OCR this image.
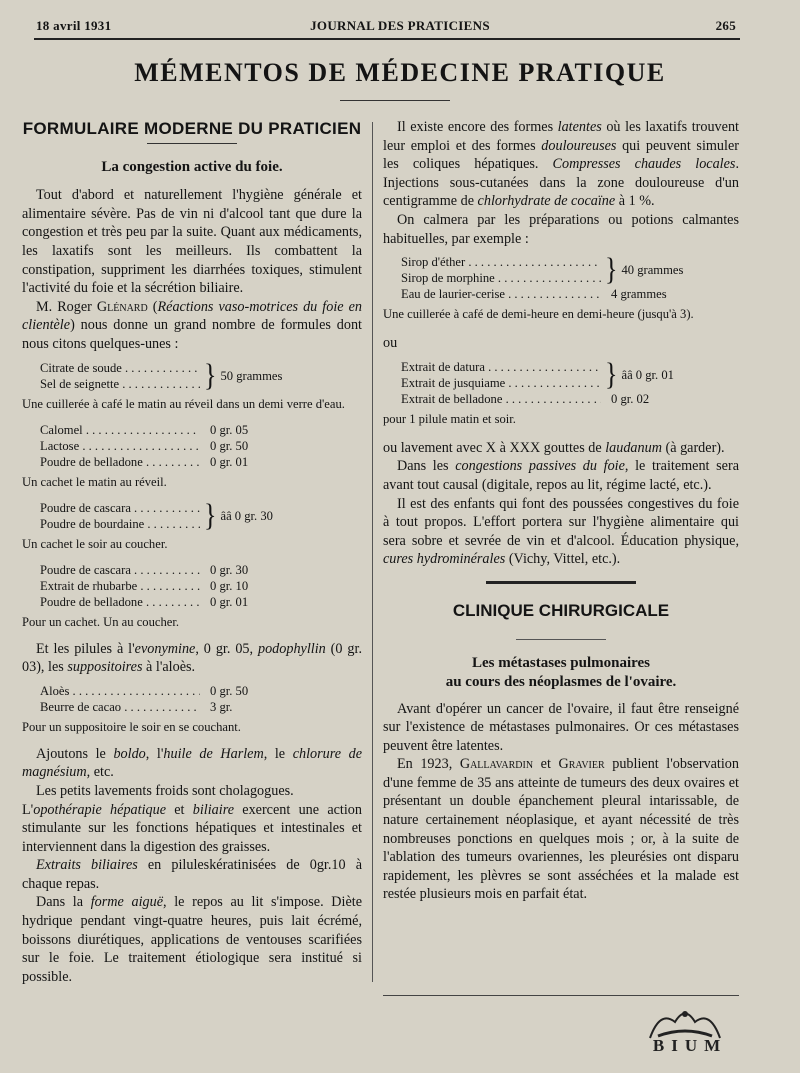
18 avril 1931	JOURNAL DES PRATICIENS	265
MÉMENTOS DE MÉDECINE PRATIQUE
FORMULAIRE MODERNE DU PRATICIEN
La congestion active du foie.

Tout d'abord et naturellement l'hygiène générale et alimentaire sévère. Pas de vin ni d'alcool tant que dure la congestion et très peu par la suite. Quant aux médicaments, les laxatifs sont les meilleurs. Ils combattent la constipation, suppriment les diarrhées toxiques, stimulent l'activité du foie et la sécrétion biliaire.

M. Roger Glénard (Réactions vaso-motrices du foie en clientèle) nous donne un grand nombre de formules dont nous citons quelques-unes :

Citrate de soude . . .
Sel de seignette . . .	} 50 grammes
Une cuillerée à café le matin au réveil dans un demi verre d'eau.
Calomel . . .	0 gr. 05
Lactose . . .	0 gr. 50
Poudre de belladone . . .	0 gr. 01
Un cachet le matin au réveil.
Poudre de cascara . . .
Poudre de bourdaine . . .	} ââ 0 gr. 30
Un cachet le soir au coucher.
Poudre de cascara . . .	0 gr. 30
Extrait de rhubarbe . . .	0 gr. 10
Poudre de belladone . . .	0 gr. 01
Pour un cachet. Un au coucher.

Et les pilules à l'evonymine, 0 gr. 05, podophyllin (0 gr. 03), les suppositoires à l'aloès.

Aloès . . .	0 gr. 50
Beurre de cacao . . .	3 gr.
Pour un suppositoire le soir en se couchant.

Ajoutons le boldo, l'huile de Harlem, le chlorure de magnésium, etc.

Les petits lavements froids sont cholagogues.

L'opothérapie hépatique et biliaire exercent une action stimulante sur les fonctions hépatiques et intestinales et interviennent dans la digestion des graisses.

Extraits biliaires en piluleskératinisées de 0gr.10 à chaque repas.

Dans la forme aiguë, le repos au lit s'impose. Diète hydrique pendant vingt-quatre heures, puis lait écrémé, boissons diurétiques, applications de ventouses scarifiées sur le foie. Le traitement étiologique sera institué si possible.

Il existe encore des formes latentes où les laxatifs trouvent leur emploi et des formes douloureuses qui peuvent simuler les coliques hépatiques. Compresses chaudes locales. Injections sous-cutanées dans la zone douloureuse d'un centigramme de chlorhydrate de cocaïne à 1 %.

On calmera par les préparations ou potions calmantes habituelles, par exemple :

Sirop d'éther . . .
Sirop de morphine . . .	} 40 grammes
Eau de laurier-cerise . . .	4 grammes
Une cuillerée à café de demi-heure en demi-heure (jusqu'à 3).
ou
Extrait de datura . . .
Extrait de jusquiame . . .	} ââ 0 gr. 01
Extrait de belladone . . .	0 gr. 02
pour 1 pilule matin et soir.

ou lavement avec X à XXX gouttes de laudanum (à garder).

Dans les congestions passives du foie, le traitement sera avant tout causal (digitale, repos au lit, régime lacté, etc.).

Il est des enfants qui font des poussées congestives du foie à tout propos. L'effort portera sur l'hygiène alimentaire qui sera sobre et sevrée de vin et d'alcool. Éducation physique, cures hydrominérales (Vichy, Vittel, etc.).

CLINIQUE CHIRURGICALE
Les métastases pulmonaires
au cours des néoplasmes de l'ovaire.

Avant d'opérer un cancer de l'ovaire, il faut être renseigné sur l'existence de métastases pulmonaires. Or ces métastases peuvent être latentes.

En 1923, Gallavardin et Gravier publient l'observation d'une femme de 35 ans atteinte de tumeurs des deux ovaires et présentant un double épanchement pleural intarissable, de nature certainement néoplasique, et ayant nécessité de très nombreuses ponctions en quelques mois ; or, à la suite de l'ablation des tumeurs ovariennes, les pleurésies ont disparu rapidement, les plèvres se sont asséchées et la malade est restée plusieurs mois en parfait état.

BIUM
